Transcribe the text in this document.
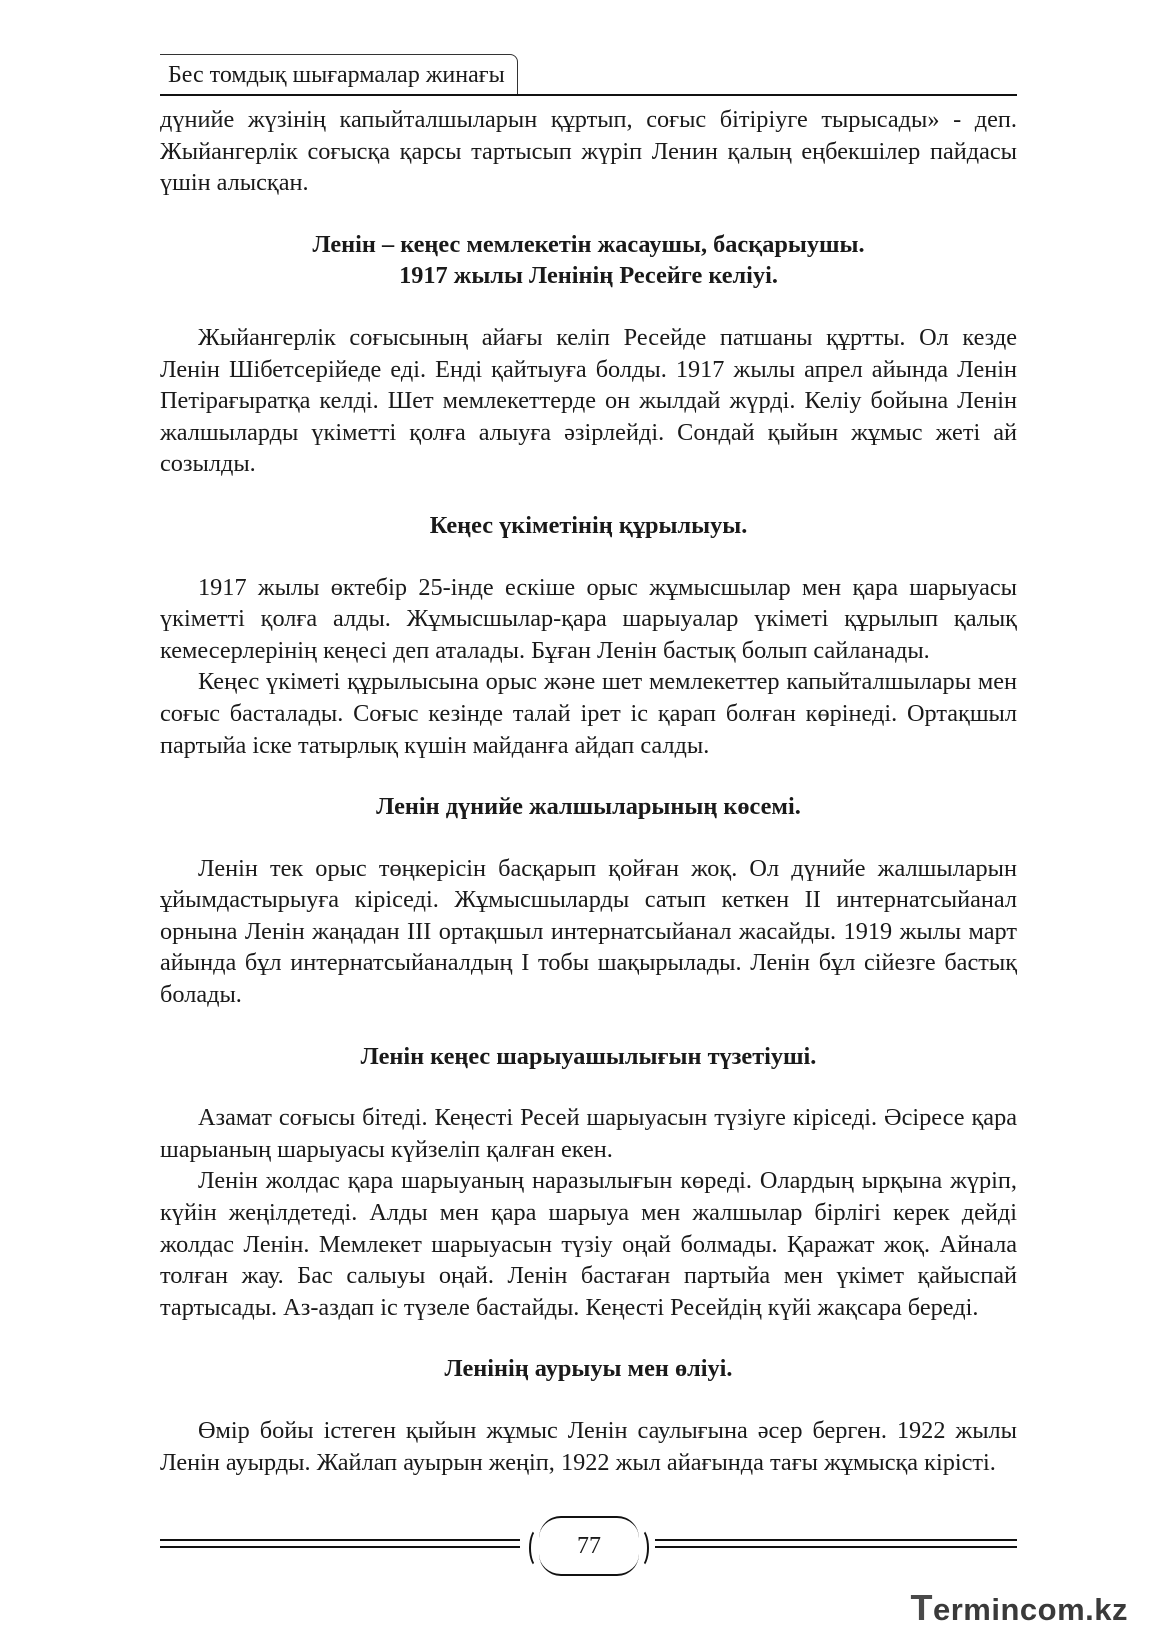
Бес томдық шығармалар жинағы

дүнийе жүзінің капыйталшыларын құртып, соғыс бітіріуге тырысады» - деп. Жыйангерлік соғысқа қарсы тартысып жүріп Ленин қалың еңбекшілер пайдасы үшін алысқан.

Ленін – кеңес мемлекетін жасаушы, басқарыушы.
1917 жылы Ленінің Ресейге келіуі.

Жыйангерлік соғысының айағы келіп Ресейде патшаны құртты. Ол кезде Ленін Шібетсерійеде еді. Енді қайтыуға болды. 1917 жылы апрел айында Ленін Петірағыратқа келді. Шет мемлекеттерде он жылдай жүрді. Келіу бойына Ленін жалшыларды үкіметті қолға алыуға әзірлейді. Сондай қыйын жұмыс жеті ай созылды.

Кеңес үкіметінің құрылыуы.

1917 жылы өктебір 25-інде ескіше орыс жұмысшылар мен қара шарыуасы үкіметті қолға алды. Жұмысшылар-қара шарыуалар үкіметі құрылып қалық кемесерлерінің кеңесі деп аталады. Бұған Ленін бастық болып сайланады.

Кеңес үкіметі құрылысына орыс және шет мемлекеттер капыйталшылары мен соғыс басталады. Соғыс кезінде талай ірет іс қарап болған көрінеді. Ортақшыл партыйа іске татырлық күшін майданға айдап салды.

Ленін дүнийе жалшыларының көсемі.

Ленін тек орыс төңкерісін басқарып қойған жоқ. Ол дүнийе жалшыларын ұйымдастырыуға кіріседі. Жұмысшыларды сатып кеткен ІІ интернатсыйанал орнына Ленін жаңадан ІІІ ортақшыл интернатсыйанал жасайды. 1919 жылы март айында бұл интернатсыйаналдың І тобы шақырылады. Ленін бұл сійезге бастық болады.

Ленін кеңес шарыуашылығын түзетіуші.

Азамат соғысы бітеді. Кеңесті Ресей шарыуасын түзіуге кіріседі. Әсіресе қара шарыаның шарыуасы күйзеліп қалған екен.

Ленін жолдас қара шарыуаның наразылығын көреді. Олардың ырқына жүріп, күйін жеңілдетеді. Алды мен қара шарыуа мен жалшылар бірлігі керек дейді жолдас Ленін. Мемлекет шарыуасын түзіу оңай болмады. Қаражат жоқ. Айнала толған жау. Бас салыуы оңай. Ленін бастаған партыйа мен үкімет қайыспай тартысады. Аз-аздап іс түзеле бастайды. Кеңесті Ресейдің күйі жақсара береді.

Ленінің аурыуы мен өліуі.

Өмір бойы істеген қыйын жұмыс Ленін саулығына әсер берген. 1922 жылы Ленін ауырды. Жайлап ауырын жеңіп, 1922 жыл айағында тағы жұмысқа кірісті.

77
Termincom.kz
